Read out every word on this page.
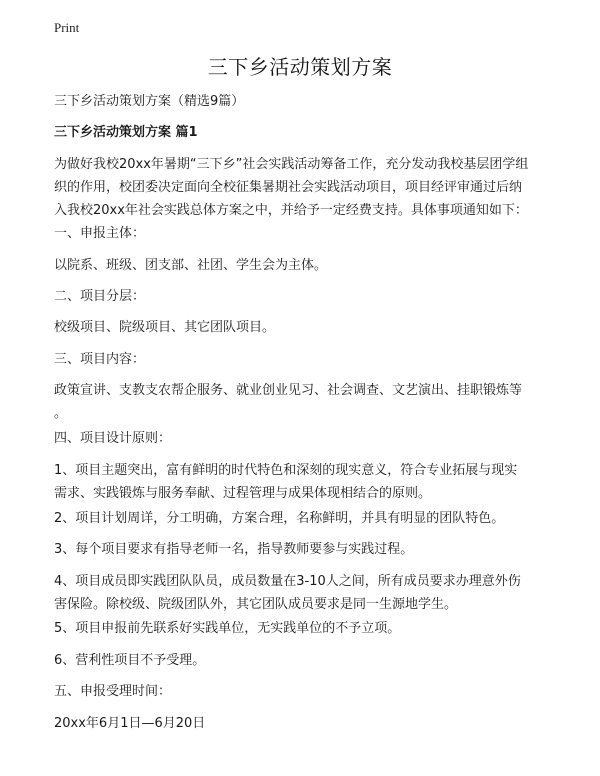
Print
三下乡活动策划方案
三下乡活动策划方案（精选9篇）
三下乡活动策划方案 篇1
为做好我校20xx年暑期“三下乡”社会实践活动筹备工作，充分发动我校基层团学组
织的作用，校团委决定面向全校征集暑期社会实践活动项目，项目经评审通过后纳
入我校20xx年社会实践总体方案之中，并给予一定经费支持。具体事项通知如下：
一、申报主体：
以院系、班级、团支部、社团、学生会为主体。
二、项目分层：
校级项目、院级项目、其它团队项目。
三、项目内容：
政策宣讲、支教支农帮企服务、就业创业见习、社会调查、文艺演出、挂职锻炼等
。
四、项目设计原则：
1、项目主题突出，富有鲜明的时代特色和深刻的现实意义，符合专业拓展与现实
需求、实践锻炼与服务奉献、过程管理与成果体现相结合的原则。
2、项目计划周详，分工明确，方案合理，名称鲜明，并具有明显的团队特色。
3、每个项目要求有指导老师一名，指导教师要参与实践过程。
4、项目成员即实践团队队员，成员数量在3-10人之间，所有成员要求办理意外伤
害保险。除校级、院级团队外，其它团队成员要求是同一生源地学生。
5、项目申报前先联系好实践单位，无实践单位的不予立项。
6、营利性项目不予受理。
五、申报受理时间：
20xx年6月1日—6月20日
